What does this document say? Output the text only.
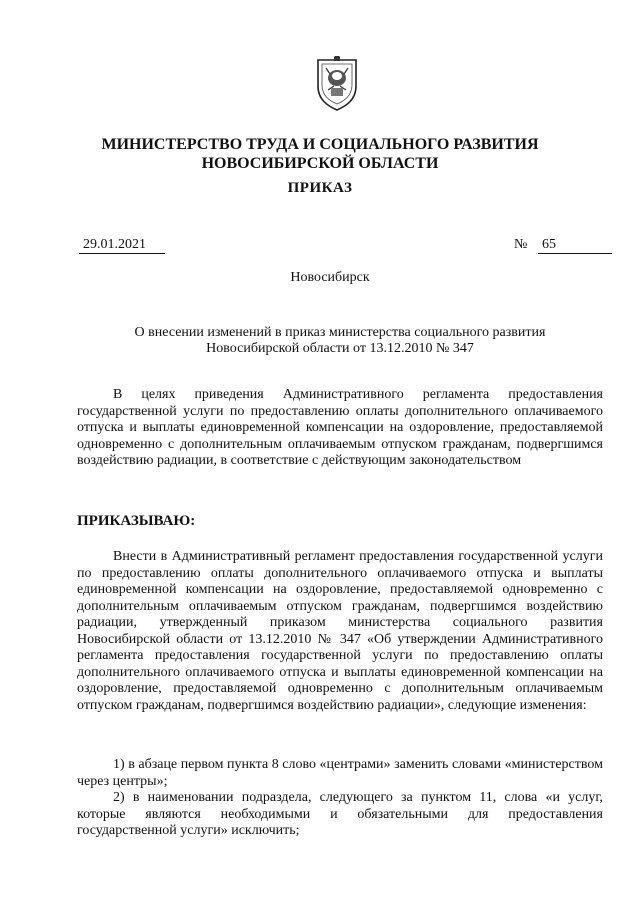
МИНИСТЕРСТВО ТРУДА И СОЦИАЛЬНОГО РАЗВИТИЯ
НОВОСИБИРСКОЙ ОБЛАСТИ
ПРИКАЗ
29.01.2021	№ 65
Новосибирск
О внесении изменений в приказ министерства социального развития
Новосибирской области от 13.12.2010 № 347

В целях приведения Административного регламента предоставления государственной услуги по предоставлению оплаты дополнительного оплачиваемого отпуска и выплаты единовременной компенсации на оздоровление, предоставляемой одновременно с дополнительным оплачиваемым отпуском гражданам, подвергшимся воздействию радиации, в соответствие с действующим законодательством

ПРИКАЗЫВАЮ:

Внести в Административный регламент предоставления государственной услуги по предоставлению оплаты дополнительного оплачиваемого отпуска и выплаты единовременной компенсации на оздоровление, предоставляемой одновременно с дополнительным оплачиваемым отпуском гражданам, подвергшимся воздействию радиации, утвержденный приказом министерства социального развития Новосибирской области от 13.12.2010 № 347 «Об утверждении Административного регламента предоставления государственной услуги по предоставлению оплаты дополнительного оплачиваемого отпуска и выплаты единовременной компенсации на оздоровление, предоставляемой одновременно с дополнительным оплачиваемым отпуском гражданам, подвергшимся воздействию радиации», следующие изменения:

1) в абзаце первом пункта 8 слово «центрами» заменить словами «министерством через центры»;

2) в наименовании подраздела, следующего за пунктом 11, слова «и услуг, которые являются необходимыми и обязательными для предоставления государственной услуги» исключить;
